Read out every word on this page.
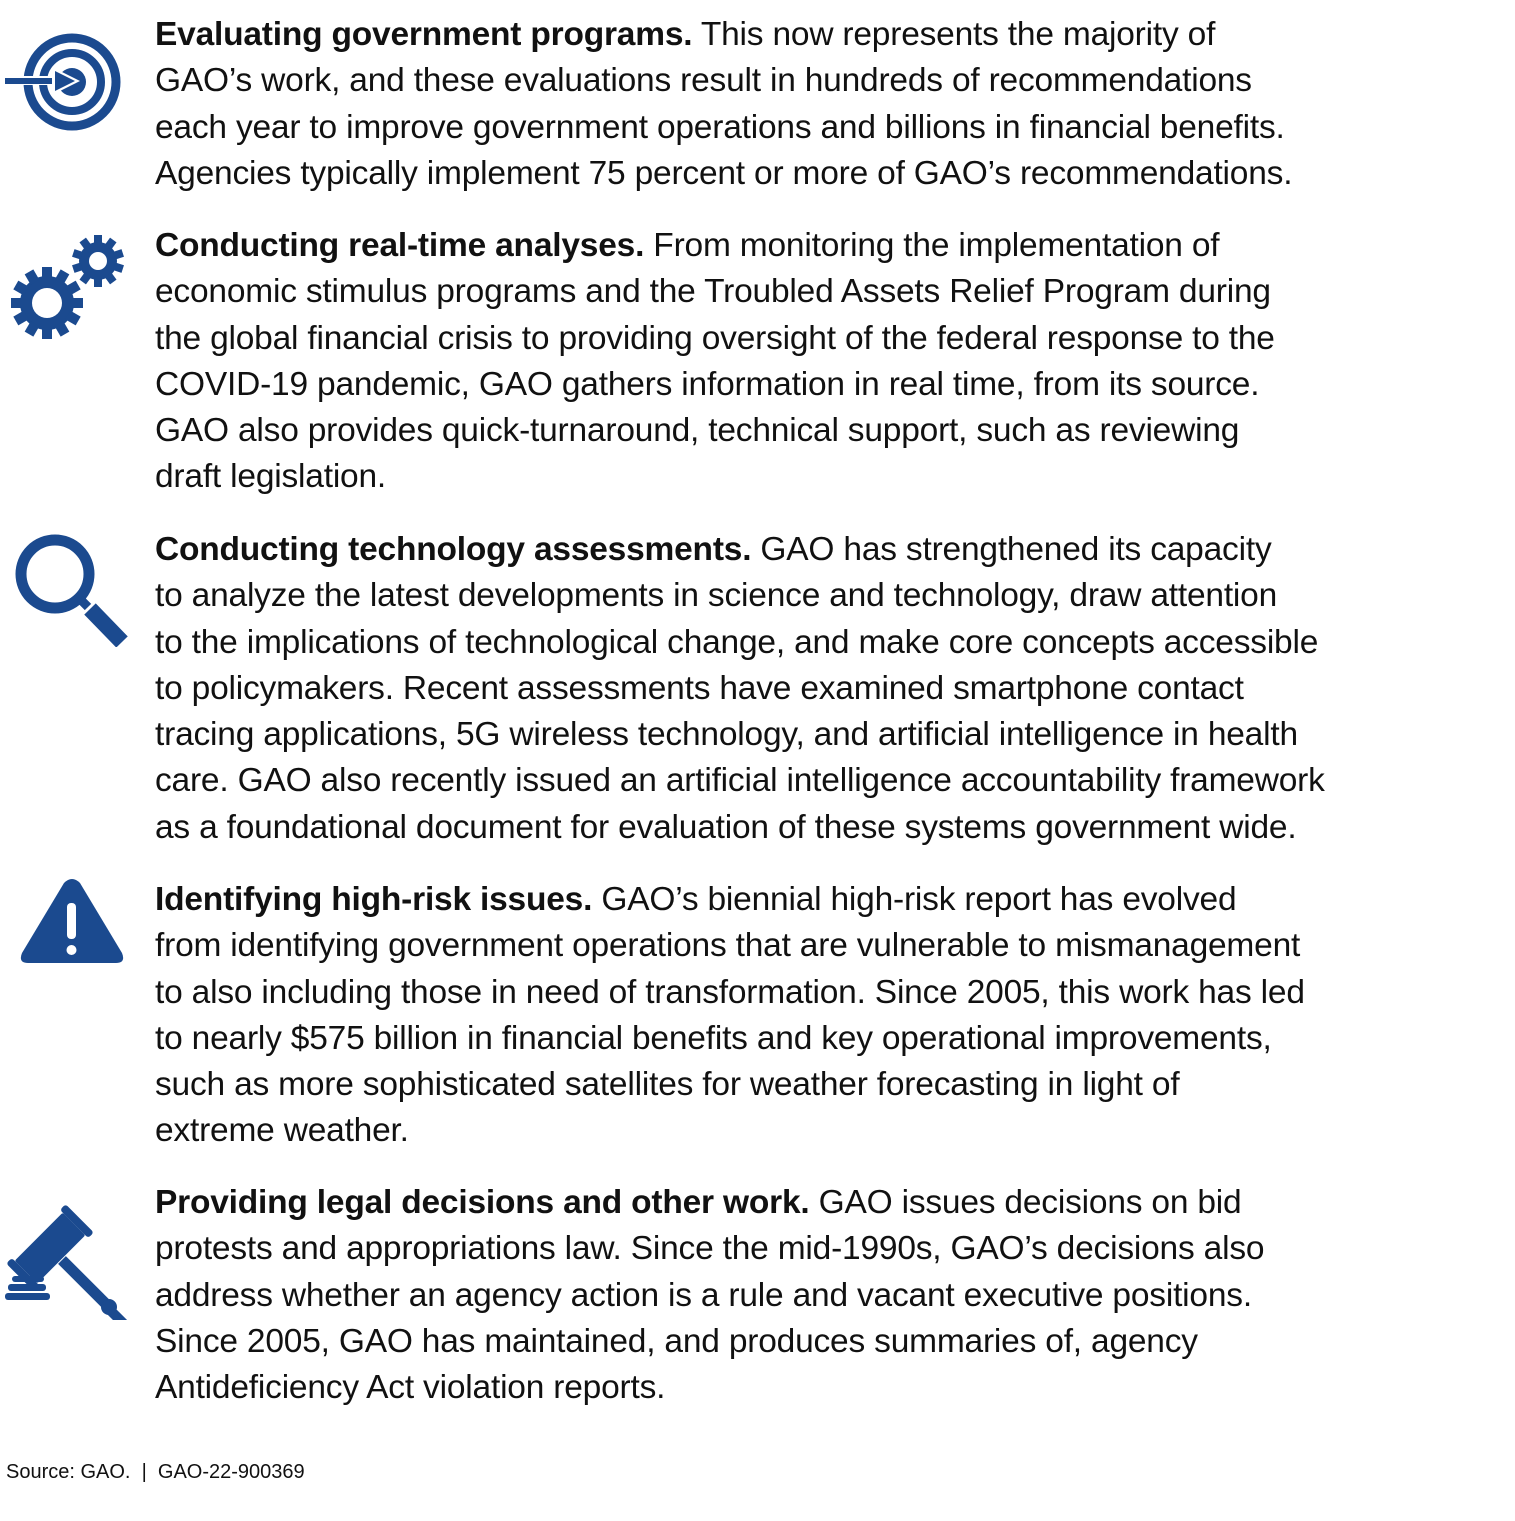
Evaluating government programs. This now represents the majority of
GAO’s work, and these evaluations result in hundreds of recommendations
each year to improve government operations and billions in financial benefits.
Agencies typically implement 75 percent or more of GAO’s recommendations.
Conducting real-time analyses. From monitoring the implementation of
economic stimulus programs and the Troubled Assets Relief Program during
the global financial crisis to providing oversight of the federal response to the
COVID-19 pandemic, GAO gathers information in real time, from its source.
GAO also provides quick-turnaround, technical support, such as reviewing
draft legislation.
Conducting technology assessments. GAO has strengthened its capacity
to analyze the latest developments in science and technology, draw attention
to the implications of technological change, and make core concepts accessible
to policymakers. Recent assessments have examined smartphone contact
tracing applications, 5G wireless technology, and artificial intelligence in health
care. GAO also recently issued an artificial intelligence accountability framework
as a foundational document for evaluation of these systems government wide.
Identifying high-risk issues. GAO’s biennial high-risk report has evolved
from identifying government operations that are vulnerable to mismanagement
to also including those in need of transformation. Since 2005, this work has led
to nearly $575 billion in financial benefits and key operational improvements,
such as more sophisticated satellites for weather forecasting in light of
extreme weather.
Providing legal decisions and other work. GAO issues decisions on bid
protests and appropriations law. Since the mid-1990s, GAO’s decisions also
address whether an agency action is a rule and vacant executive positions.
Since 2005, GAO has maintained, and produces summaries of, agency
Antideficiency Act violation reports.
Source: GAO.  |  GAO-22-900369
